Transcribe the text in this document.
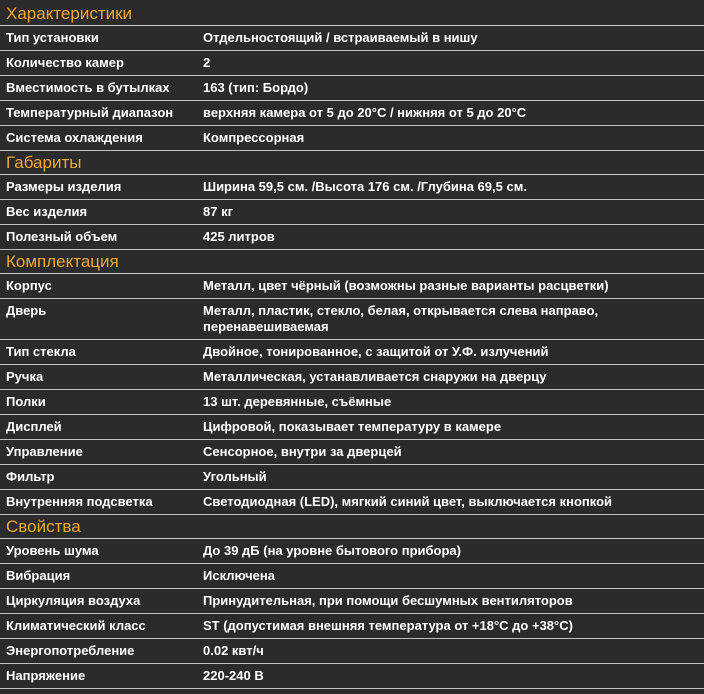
Характеристики
Тип установки	Отдельностоящий / встраиваемый в нишу
Количество камер	2
Вместимость в бутылках	163 (тип: Бордо)
Температурный диапазон	верхняя камера от 5 до 20°C / нижняя от 5 до 20°C
Система охлаждения	Компрессорная
Габариты
Размеры изделия	Ширина 59,5 см. /Высота 176 см. /Глубина 69,5 см.
Вес изделия	87 кг
Полезный объем	425 литров
Комплектация
Корпус	Металл, цвет чёрный (возможны разные варианты расцветки)
Дверь	Металл, пластик, стекло, белая, открывается слева направо, перенавешиваемая
Тип стекла	Двойное, тонированное, с защитой от У.Ф. излучений
Ручка	Металлическая, устанавливается снаружи на дверцу
Полки	13 шт. деревянные, съёмные
Дисплей	Цифровой, показывает температуру в камере
Управление	Сенсорное, внутри за дверцей
Фильтр	Угольный
Внутренняя подсветка	Светодиодная (LED), мягкий синий цвет, выключается кнопкой
Свойства
Уровень шума	До 39 дБ (на уровне бытового прибора)
Вибрация	Исключена
Циркуляция воздуха	Принудительная, при помощи бесшумных вентиляторов
Климатический класс	ST (допустимая внешняя температура от +18°C до +38°C)
Энергопотребление	0.02 квт/ч
Напряжение	220-240 В
